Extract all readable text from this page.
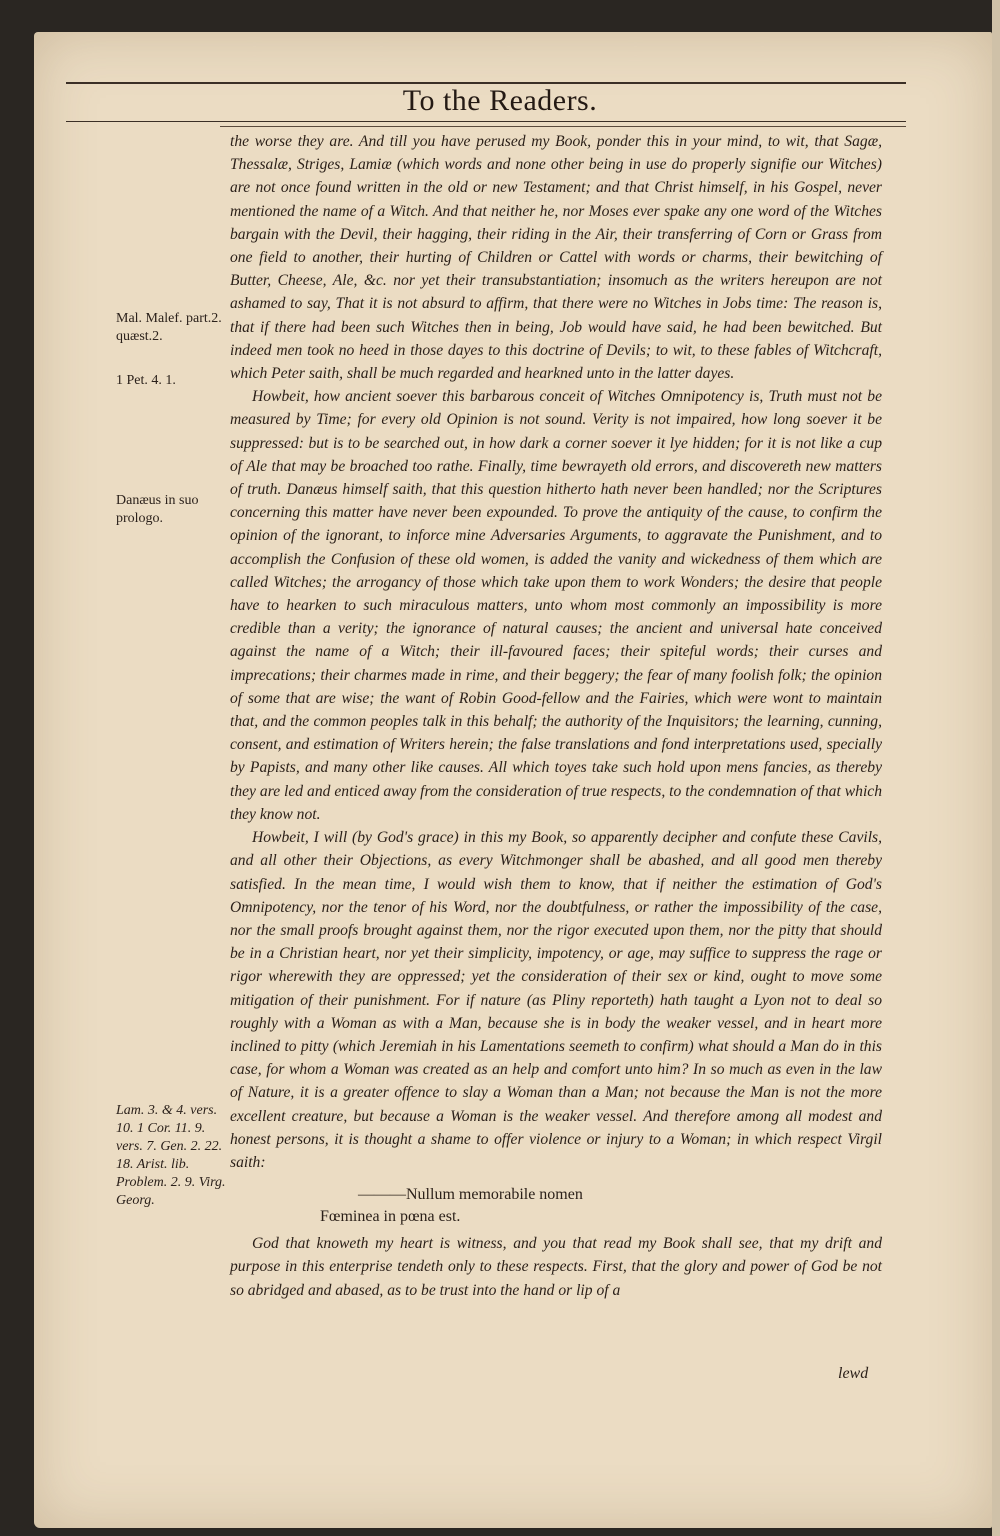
To the Readers.
Mal. Malef. part.2. quæst.2.
1 Pet. 4. 1.
Danæus in suo prologo.
Lam. 3. & 4. vers. 10. 1 Cor. 11. 9. vers. 7. Gen. 2. 22. 18. Arist. lib. Problem. 2. 9. Virg. Georg.

the worse they are. And till you have perused my Book, ponder this in your mind, to wit, that Sagæ, Thessalæ, Striges, Lamiæ (which words and none other being in use do properly signifie our Witches) are not once found written in the old or new Testament; and that Christ himself, in his Gospel, never mentioned the name of a Witch. And that neither he, nor Moses ever spake any one word of the Witches bargain with the Devil, their hagging, their riding in the Air, their transferring of Corn or Grass from one field to another, their hurting of Children or Cattel with words or charms, their bewitching of Butter, Cheese, Ale, &c. nor yet their transubstantiation; insomuch as the writers hereupon are not ashamed to say, That it is not absurd to affirm, that there were no Witches in Jobs time: The reason is, that if there had been such Witches then in being, Job would have said, he had been bewitched. But indeed men took no heed in those dayes to this doctrine of Devils; to wit, to these fables of Witchcraft, which Peter saith, shall be much regarded and hearkned unto in the latter dayes.

Howbeit, how ancient soever this barbarous conceit of Witches Omnipotency is, Truth must not be measured by Time; for every old Opinion is not sound. Verity is not impaired, how long soever it be suppressed: but is to be searched out, in how dark a corner soever it lye hidden; for it is not like a cup of Ale that may be broached too rathe. Finally, time bewrayeth old errors, and discovereth new matters of truth. Danæus himself saith, that this question hitherto hath never been handled; nor the Scriptures concerning this matter have never been expounded. To prove the antiquity of the cause, to confirm the opinion of the ignorant, to inforce mine Adversaries Arguments, to aggravate the Punishment, and to accomplish the Confusion of these old women, is added the vanity and wickedness of them which are called Witches; the arrogancy of those which take upon them to work Wonders; the desire that people have to hearken to such miraculous matters, unto whom most commonly an impossibility is more credible than a verity; the ignorance of natural causes; the ancient and universal hate conceived against the name of a Witch; their ill-favoured faces; their spiteful words; their curses and imprecations; their charmes made in rime, and their beggery; the fear of many foolish folk; the opinion of some that are wise; the want of Robin Good-fellow and the Fairies, which were wont to maintain that, and the common peoples talk in this behalf; the authority of the Inquisitors; the learning, cunning, consent, and estimation of Writers herein; the false translations and fond interpretations used, specially by Papists, and many other like causes. All which toyes take such hold upon mens fancies, as thereby they are led and enticed away from the consideration of true respects, to the condemnation of that which they know not.

Howbeit, I will (by God's grace) in this my Book, so apparently decipher and confute these Cavils, and all other their Objections, as every Witchmonger shall be abashed, and all good men thereby satisfied. In the mean time, I would wish them to know, that if neither the estimation of God's Omnipotency, nor the tenor of his Word, nor the doubtfulness, or rather the impossibility of the case, nor the small proofs brought against them, nor the rigor executed upon them, nor the pitty that should be in a Christian heart, nor yet their simplicity, impotency, or age, may suffice to suppress the rage or rigor wherewith they are oppressed; yet the consideration of their sex or kind, ought to move some mitigation of their punishment. For if nature (as Pliny reporteth) hath taught a Lyon not to deal so roughly with a Woman as with a Man, because she is in body the weaker vessel, and in heart more inclined to pitty (which Jeremiah in his Lamentations seemeth to confirm) what should a Man do in this case, for whom a Woman was created as an help and comfort unto him? In so much as even in the law of Nature, it is a greater offence to slay a Woman than a Man; not because the Man is not the more excellent creature, but because a Woman is the weaker vessel. And therefore among all modest and honest persons, it is thought a shame to offer violence or injury to a Woman; in which respect Virgil saith:

———Nullum memorabile nomen
Fœminea in pœna est.

God that knoweth my heart is witness, and you that read my Book shall see, that my drift and purpose in this enterprise tendeth only to these respects. First, that the glory and power of God be not so abridged and abased, as to be trust into the hand or lip of a

lewd
